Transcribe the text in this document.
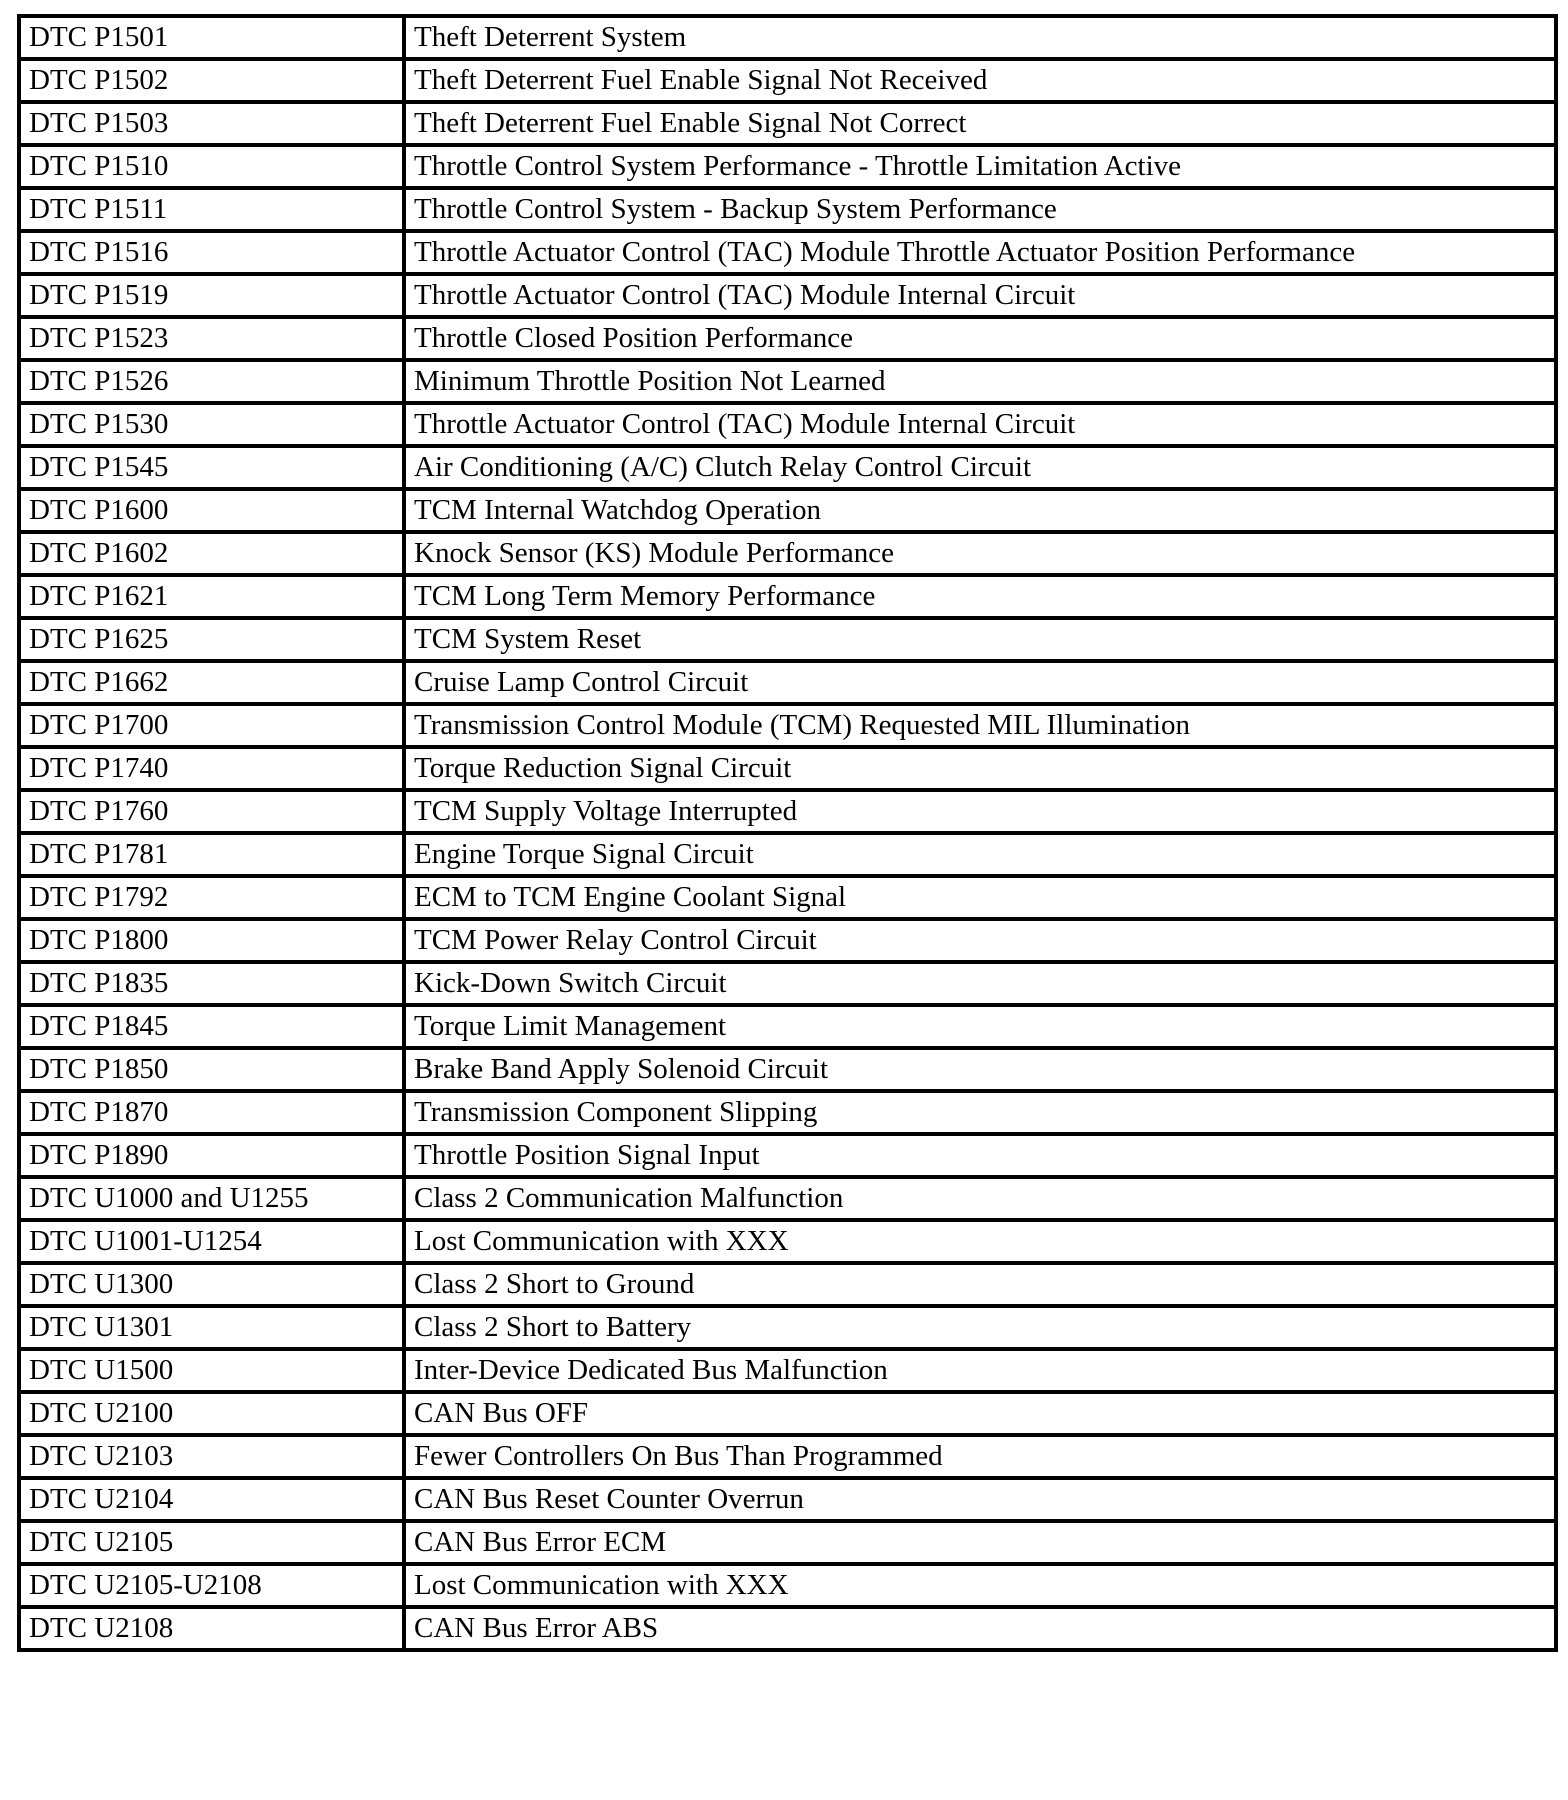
DTC P1501	Theft Deterrent System
DTC P1502	Theft Deterrent Fuel Enable Signal Not Received
DTC P1503	Theft Deterrent Fuel Enable Signal Not Correct
DTC P1510	Throttle Control System Performance - Throttle Limitation Active
DTC P1511	Throttle Control System - Backup System Performance
DTC P1516	Throttle Actuator Control (TAC) Module Throttle Actuator Position Performance
DTC P1519	Throttle Actuator Control (TAC) Module Internal Circuit
DTC P1523	Throttle Closed Position Performance
DTC P1526	Minimum Throttle Position Not Learned
DTC P1530	Throttle Actuator Control (TAC) Module Internal Circuit
DTC P1545	Air Conditioning (A/C) Clutch Relay Control Circuit
DTC P1600	TCM Internal Watchdog Operation
DTC P1602	Knock Sensor (KS) Module Performance
DTC P1621	TCM Long Term Memory Performance
DTC P1625	TCM System Reset
DTC P1662	Cruise Lamp Control Circuit
DTC P1700	Transmission Control Module (TCM) Requested MIL Illumination
DTC P1740	Torque Reduction Signal Circuit
DTC P1760	TCM Supply Voltage Interrupted
DTC P1781	Engine Torque Signal Circuit
DTC P1792	ECM to TCM Engine Coolant Signal
DTC P1800	TCM Power Relay Control Circuit
DTC P1835	Kick-Down Switch Circuit
DTC P1845	Torque Limit Management
DTC P1850	Brake Band Apply Solenoid Circuit
DTC P1870	Transmission Component Slipping
DTC P1890	Throttle Position Signal Input
DTC U1000 and U1255	Class 2 Communication Malfunction
DTC U1001-U1254	Lost Communication with XXX
DTC U1300	Class 2 Short to Ground
DTC U1301	Class 2 Short to Battery
DTC U1500	Inter-Device Dedicated Bus Malfunction
DTC U2100	CAN Bus OFF
DTC U2103	Fewer Controllers On Bus Than Programmed
DTC U2104	CAN Bus Reset Counter Overrun
DTC U2105	CAN Bus Error ECM
DTC U2105-U2108	Lost Communication with XXX
DTC U2108	CAN Bus Error ABS
